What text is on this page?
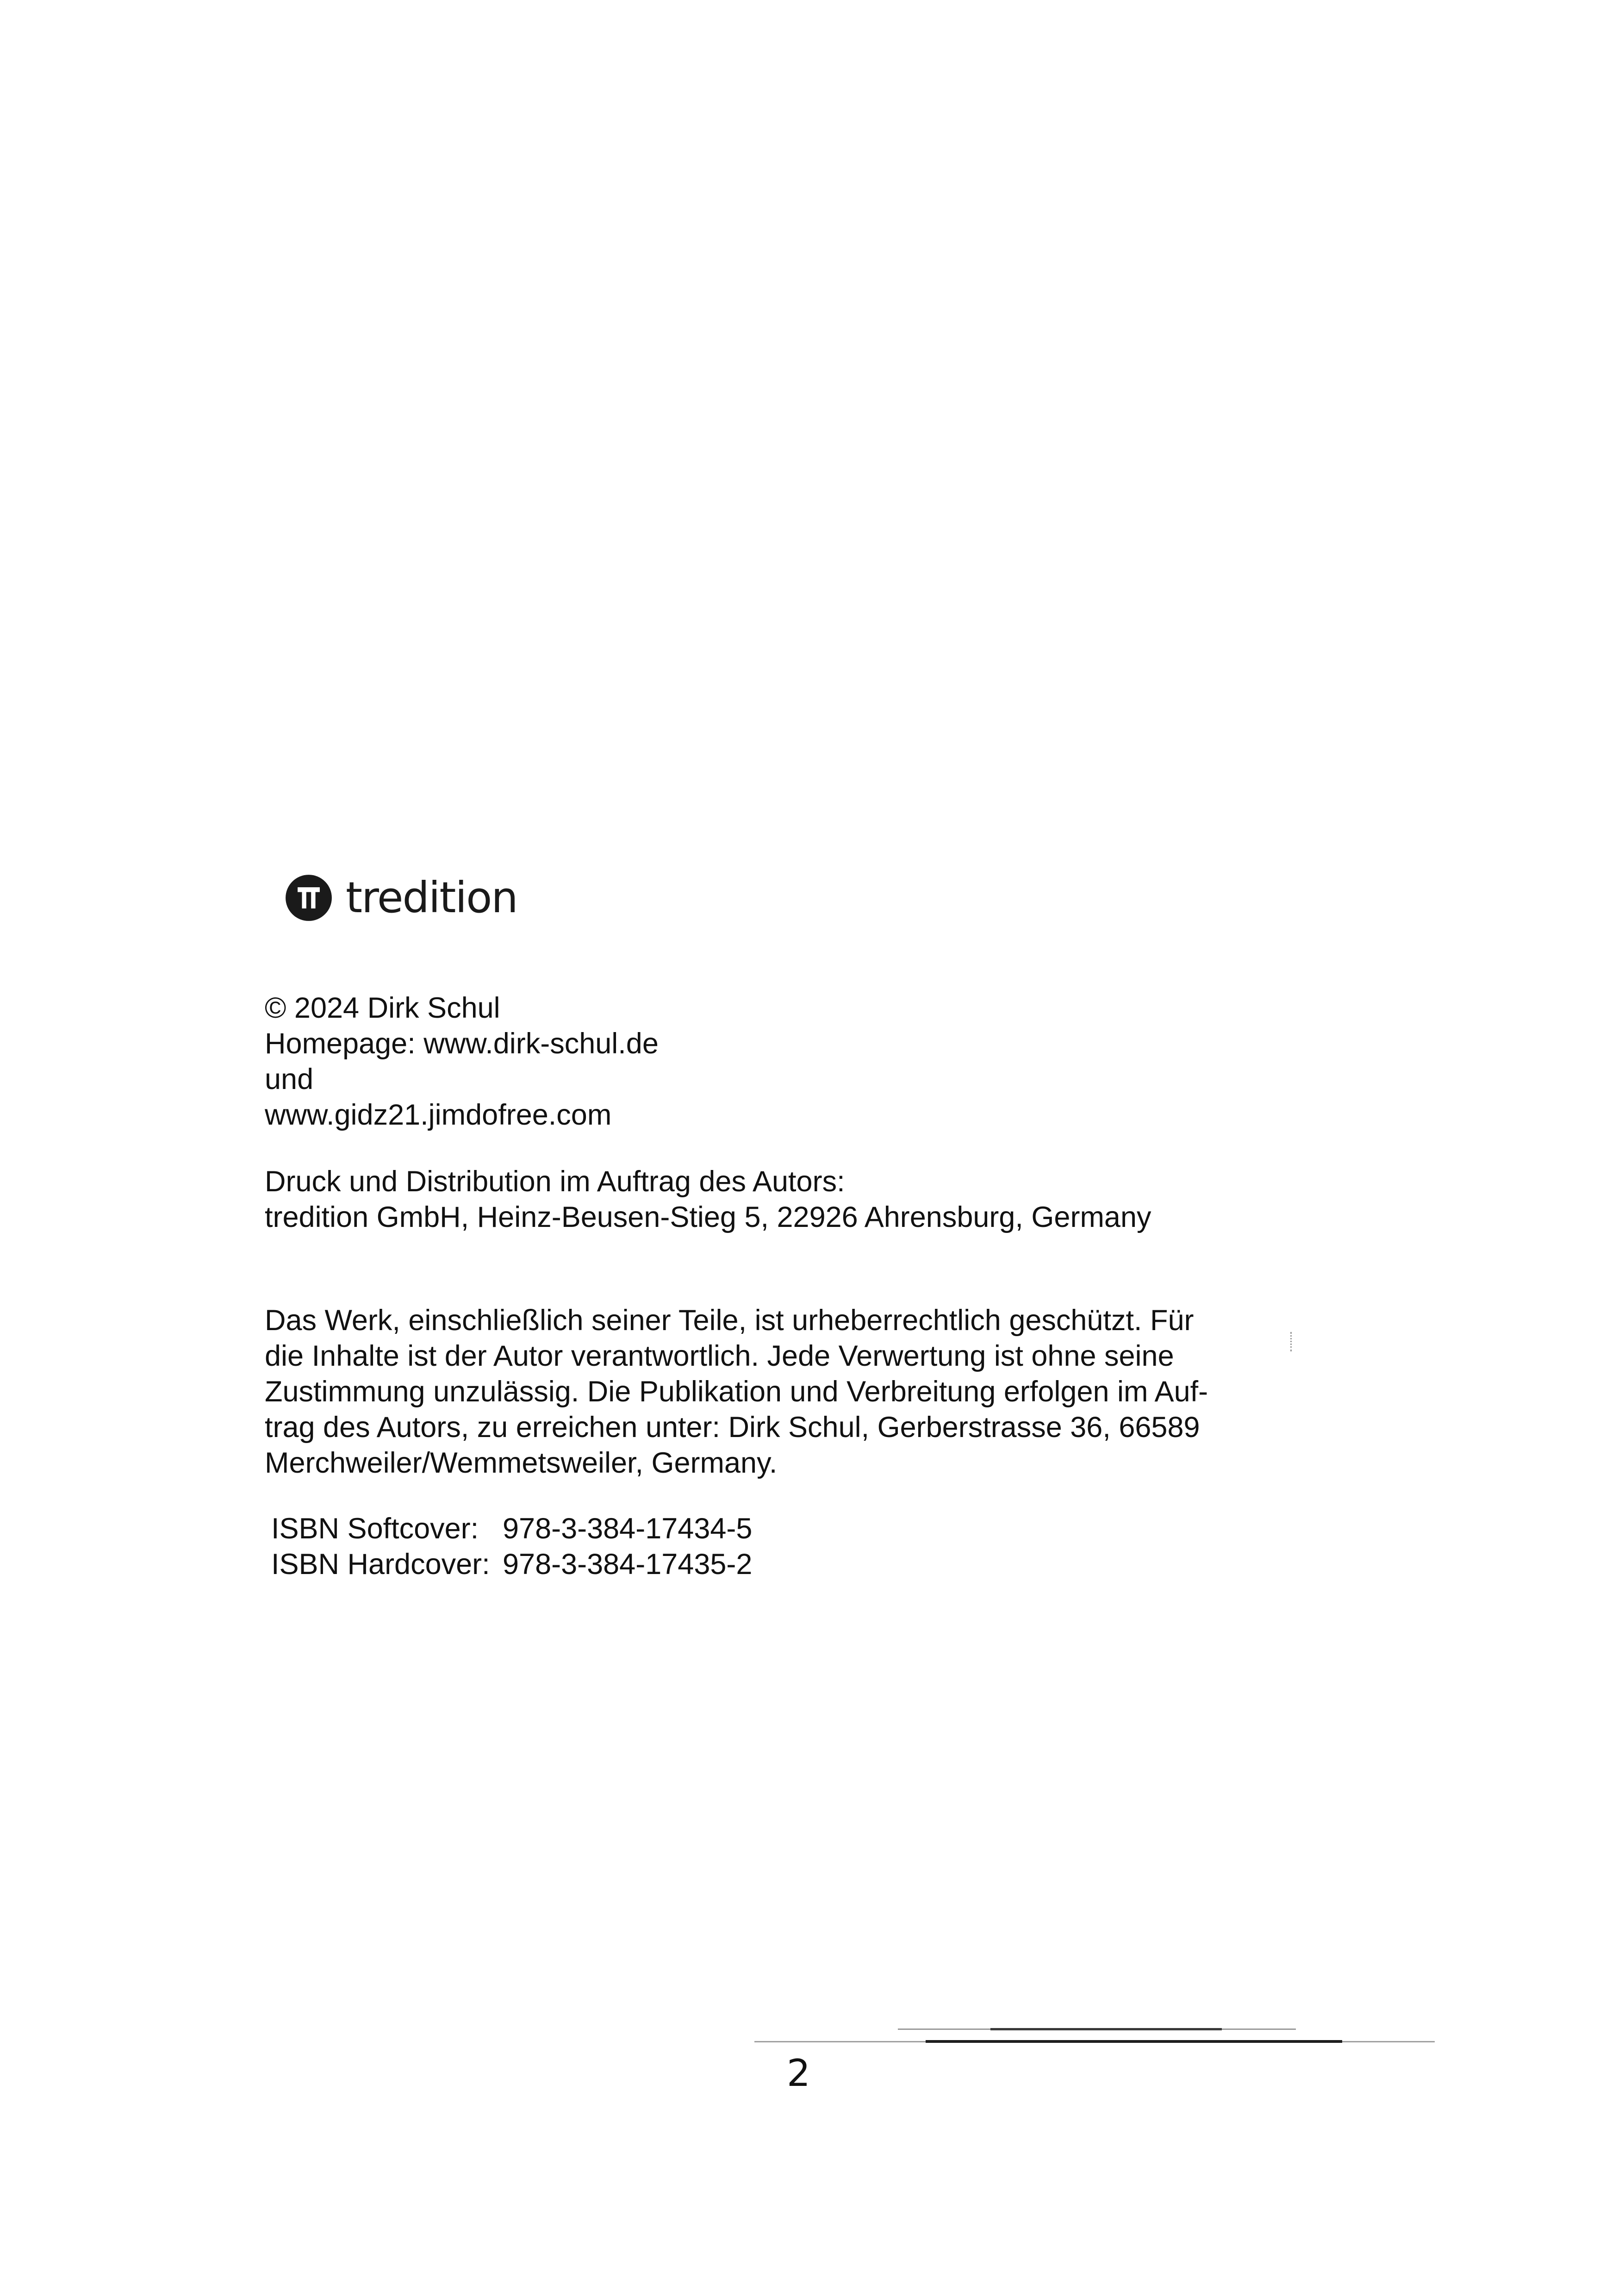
tredition
© 2024 Dirk Schul
Homepage: www.dirk-schul.de
und
www.gidz21.jimdofree.com
Druck und Distribution im Auftrag des Autors:
tredition GmbH, Heinz-Beusen-Stieg 5, 22926 Ahrensburg, Germany
Das Werk, einschließlich seiner Teile, ist urheberrechtlich geschützt. Für
die Inhalte ist der Autor verantwortlich. Jede Verwertung ist ohne seine
Zustimmung unzulässig. Die Publikation und Verbreitung erfolgen im Auf-
trag des Autors, zu erreichen unter: Dirk Schul, Gerberstrasse 36, 66589
Merchweiler/Wemmetsweiler, Germany.
ISBN Softcover: 978-3-384-17434-5
ISBN Hardcover: 978-3-384-17435-2
2
